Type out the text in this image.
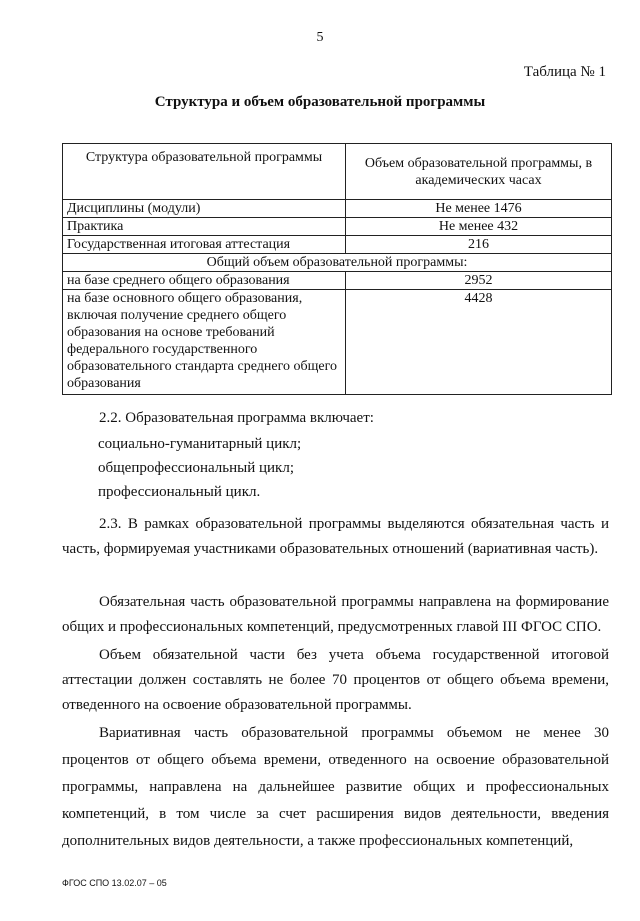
5
Таблица № 1
Структура и объем образовательной программы
Структура образовательной программы	Объем образовательной программы, в академических часах
Дисциплины (модули)	Не менее 1476
Практика	Не менее 432
Государственная итоговая аттестация	216
Общий объем образовательной программы:	
на базе среднего общего образования	2952
на базе основного общего образования, включая получение среднего общего образования на основе требований федерального государственного образовательного стандарта среднего общего образования	4428
2.2. Образовательная программа включает:
социально-гуманитарный цикл;
общепрофессиональный цикл;
профессиональный цикл.
2.3. В рамках образовательной программы выделяются обязательная часть и часть, формируемая участниками образовательных отношений (вариативная часть).
Обязательная часть образовательной программы направлена на формирование общих и профессиональных компетенций, предусмотренных главой III ФГОС СПО.
Объем обязательной части без учета объема государственной итоговой аттестации должен составлять не более 70 процентов от общего объема времени, отведенного на освоение образовательной программы.
Вариативная часть образовательной программы объемом не менее 30 процентов от общего объема времени, отведенного на освоение образовательной программы, направлена на дальнейшее развитие общих и профессиональных компетенций, в том числе за счет расширения видов деятельности, введения дополнительных видов деятельности, а также профессиональных компетенций,
ФГОС СПО 13.02.07 – 05
